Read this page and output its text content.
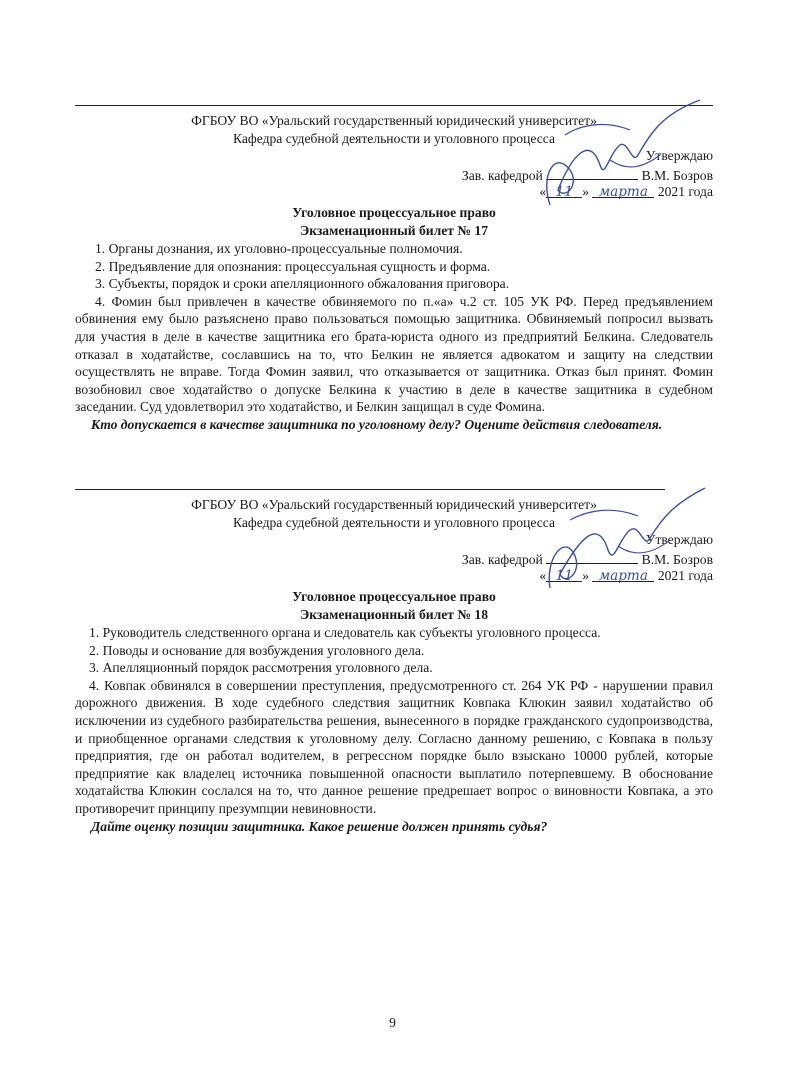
ФГБОУ ВО «Уральский государственный юридический университет»
Кафедра судебной деятельности и уголовного процесса
Утверждаю
Зав. кафедрой	В.М. Бозров
« 11 » марта 2021 года
Уголовное процессуальное право
Экзаменационный билет № 17
1. Органы дознания, их уголовно-процессуальные полномочия.
2. Предъявление для опознания: процессуальная сущность и форма.
3. Субъекты, порядок и сроки апелляционного обжалования приговора.
4. Фомин был привлечен в качестве обвиняемого по п.«а» ч.2 ст. 105 УК РФ. Перед предъявлением обвинения ему было разъяснено право пользоваться помощью защитника. Обвиняемый попросил вызвать для участия в деле в качестве защитника его брата-юриста одного из предприятий Белкина. Следователь отказал в ходатайстве, сославшись на то, что Белкин не является адвокатом и защиту на следствии осуществлять не вправе. Тогда Фомин заявил, что отказывается от защитника. Отказ был принят. Фомин возобновил свое ходатайство о допуске Белкина к участию в деле в качестве защитника в судебном заседании. Суд удовлетворил это ходатайство, и Белкин защищал в суде Фомина.
Кто допускается в качестве защитника по уголовному делу? Оцените действия следователя.
ФГБОУ ВО «Уральский государственный юридический университет»
Кафедра судебной деятельности и уголовного процесса
Утверждаю
Зав. кафедрой	В.М. Бозров
« 11 » марта 2021 года
Уголовное процессуальное право
Экзаменационный билет № 18
1. Руководитель следственного органа и следователь как субъекты уголовного процесса.
2. Поводы и основание для возбуждения уголовного дела.
3. Апелляционный порядок рассмотрения уголовного дела.
4. Ковпак обвинялся в совершении преступления, предусмотренного ст. 264 УК РФ - нарушении правил дорожного движения. В ходе судебного следствия защитник Ковпака Клюкин заявил ходатайство об исключении из судебного разбирательства решения, вынесенного в порядке гражданского судопроизводства, и приобщенное органами следствия к уголовному делу. Согласно данному решению, с Ковпака в пользу предприятия, где он работал водителем, в регрессном порядке было взыскано 10000 рублей, которые предприятие как владелец источника повышенной опасности выплатило потерпевшему. В обоснование ходатайства Клюкин сослался на то, что данное решение предрешает вопрос о виновности Ковпака, а это противоречит принципу презумпции невиновности.
Дайте оценку позиции защитника. Какое решение должен принять судья?
9
